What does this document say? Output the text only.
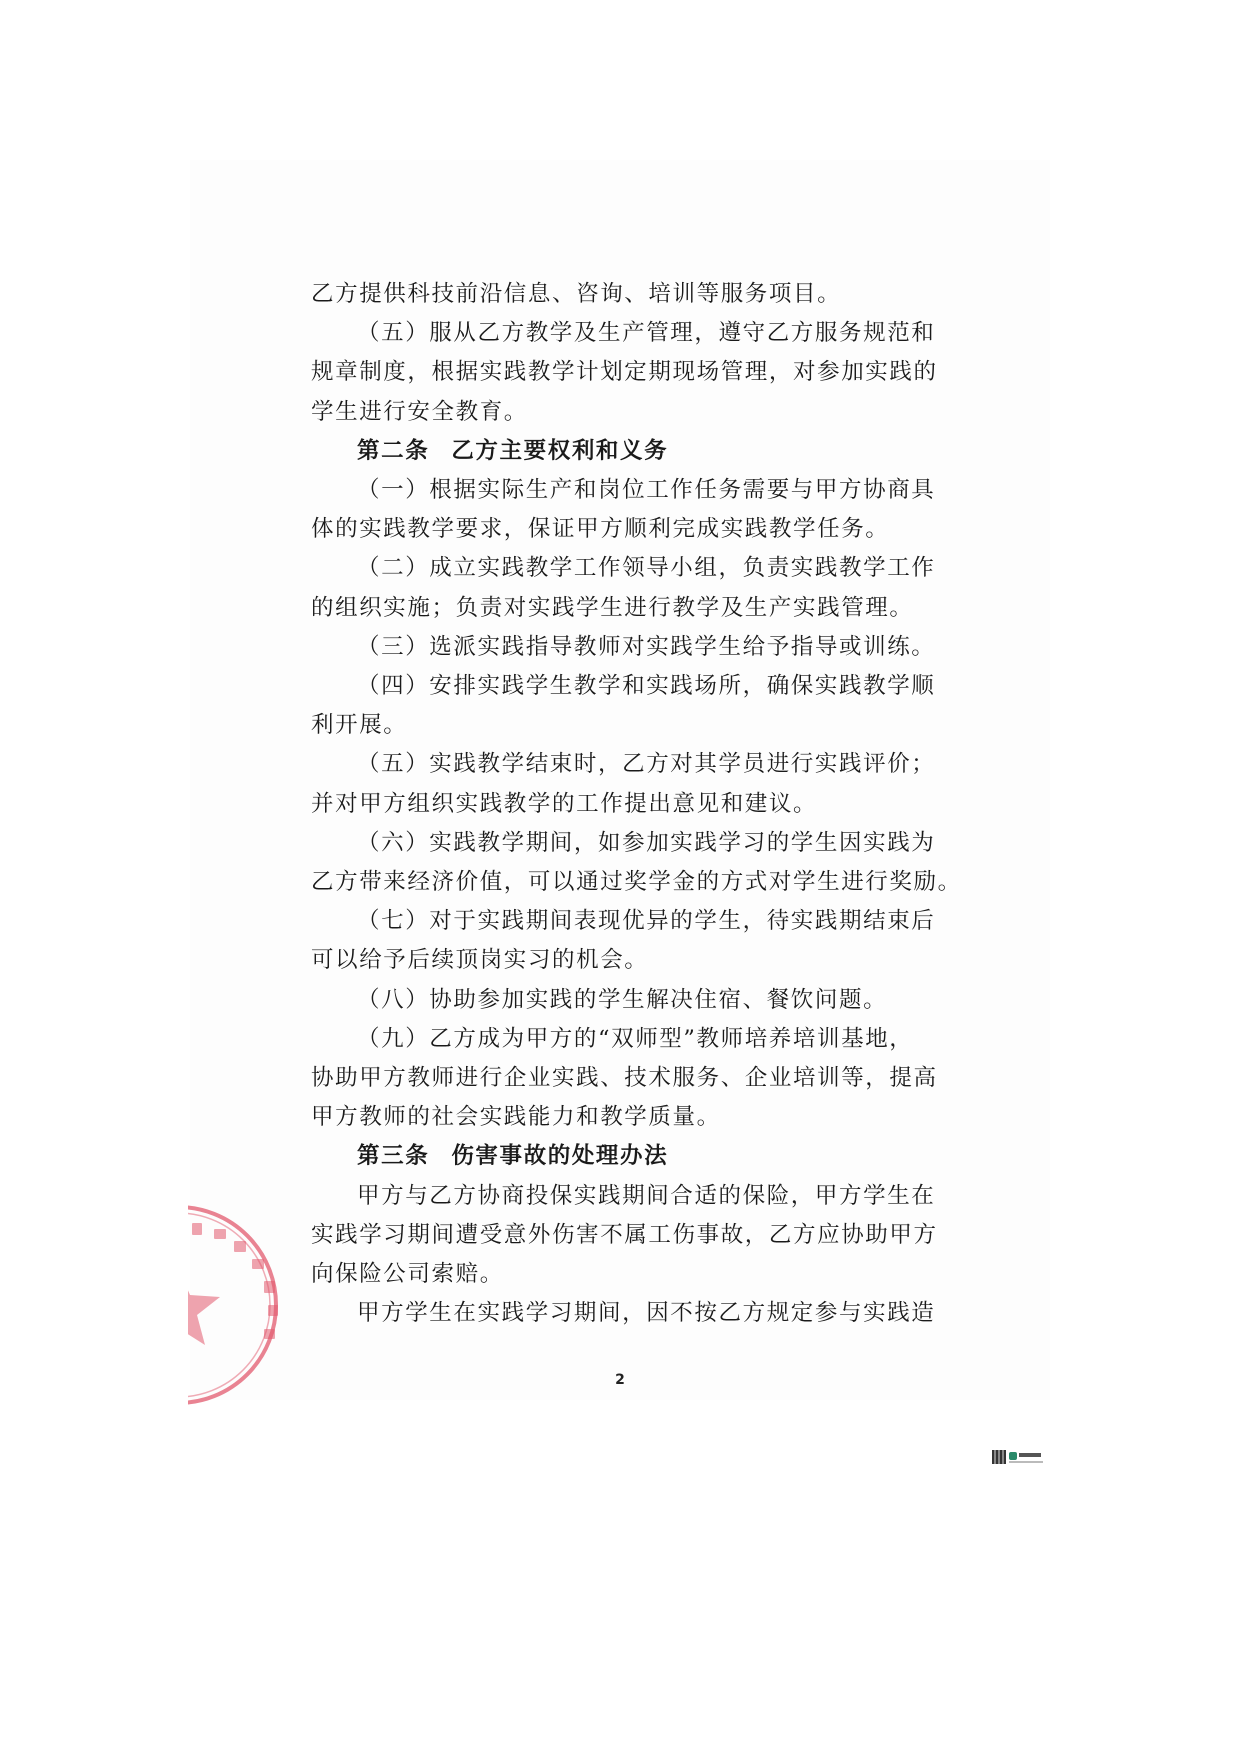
乙方提供科技前沿信息、咨询、培训等服务项目。

（五）服从乙方教学及生产管理，遵守乙方服务规范和

规章制度，根据实践教学计划定期现场管理，对参加实践的

学生进行安全教育。

第二条 乙方主要权利和义务

（一）根据实际生产和岗位工作任务需要与甲方协商具

体的实践教学要求，保证甲方顺利完成实践教学任务。

（二）成立实践教学工作领导小组，负责实践教学工作

的组织实施；负责对实践学生进行教学及生产实践管理。

（三）选派实践指导教师对实践学生给予指导或训练。

（四）安排实践学生教学和实践场所，确保实践教学顺

利开展。

（五）实践教学结束时，乙方对其学员进行实践评价；

并对甲方组织实践教学的工作提出意见和建议。

（六）实践教学期间，如参加实践学习的学生因实践为

乙方带来经济价值，可以通过奖学金的方式对学生进行奖励。

（七）对于实践期间表现优异的学生，待实践期结束后

可以给予后续顶岗实习的机会。

（八）协助参加实践的学生解决住宿、餐饮问题。

（九）乙方成为甲方的“双师型”教师培养培训基地，

协助甲方教师进行企业实践、技术服务、企业培训等，提高

甲方教师的社会实践能力和教学质量。

第三条 伤害事故的处理办法

甲方与乙方协商投保实践期间合适的保险，甲方学生在

实践学习期间遭受意外伤害不属工伤事故，乙方应协助甲方

向保险公司索赔。

甲方学生在实践学习期间，因不按乙方规定参与实践造

2
